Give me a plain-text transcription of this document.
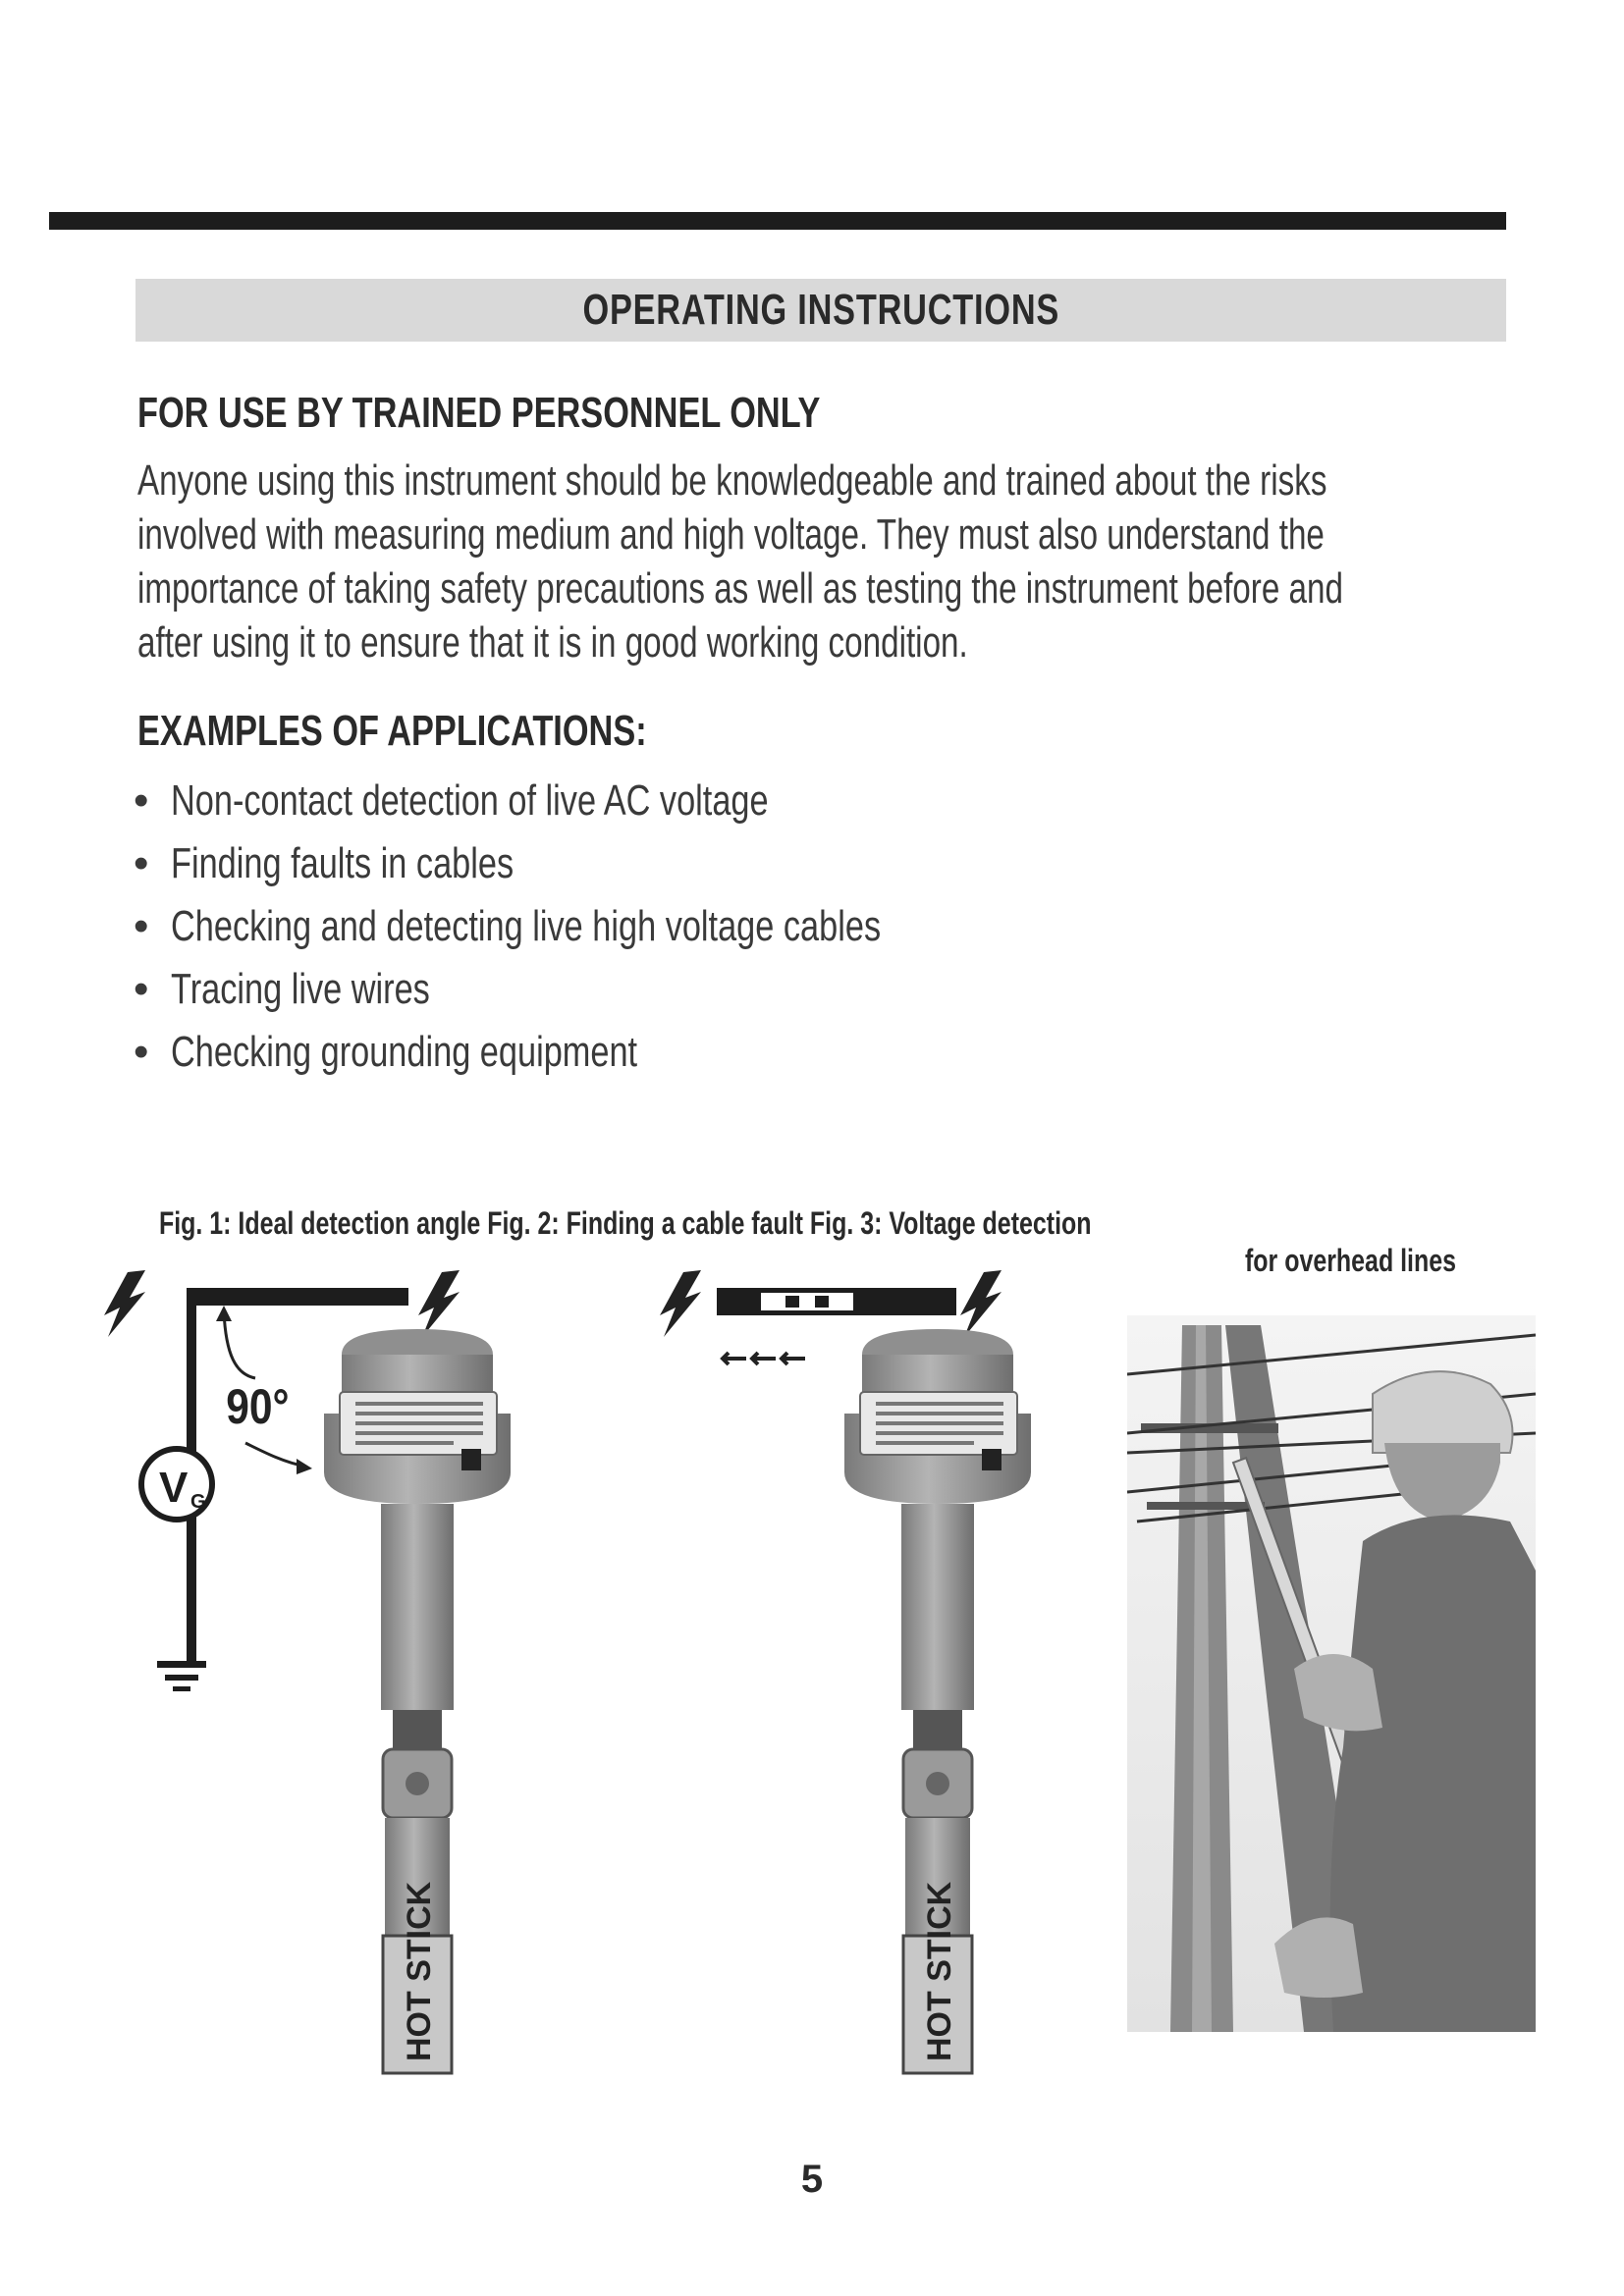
OPERATING INSTRUCTIONS
FOR USE BY TRAINED PERSONNEL ONLY
Anyone using this instrument should be knowledgeable and trained about the risks
involved with measuring medium and high voltage. They must also understand the
importance of taking safety precautions as well as testing the instrument before and
after using it to ensure that it is in good working condition.
EXAMPLES OF APPLICATIONS:
• Non-contact detection of live AC voltage
• Finding faults in cables
• Checking and detecting live high voltage cables
• Tracing live wires
• Checking grounding equipment
Fig. 1: Ideal detection angle Fig. 2: Finding a cable fault Fig. 3: Voltage detection
for overhead lines
90°
V G
HOT STICK	HOT STICK
5
